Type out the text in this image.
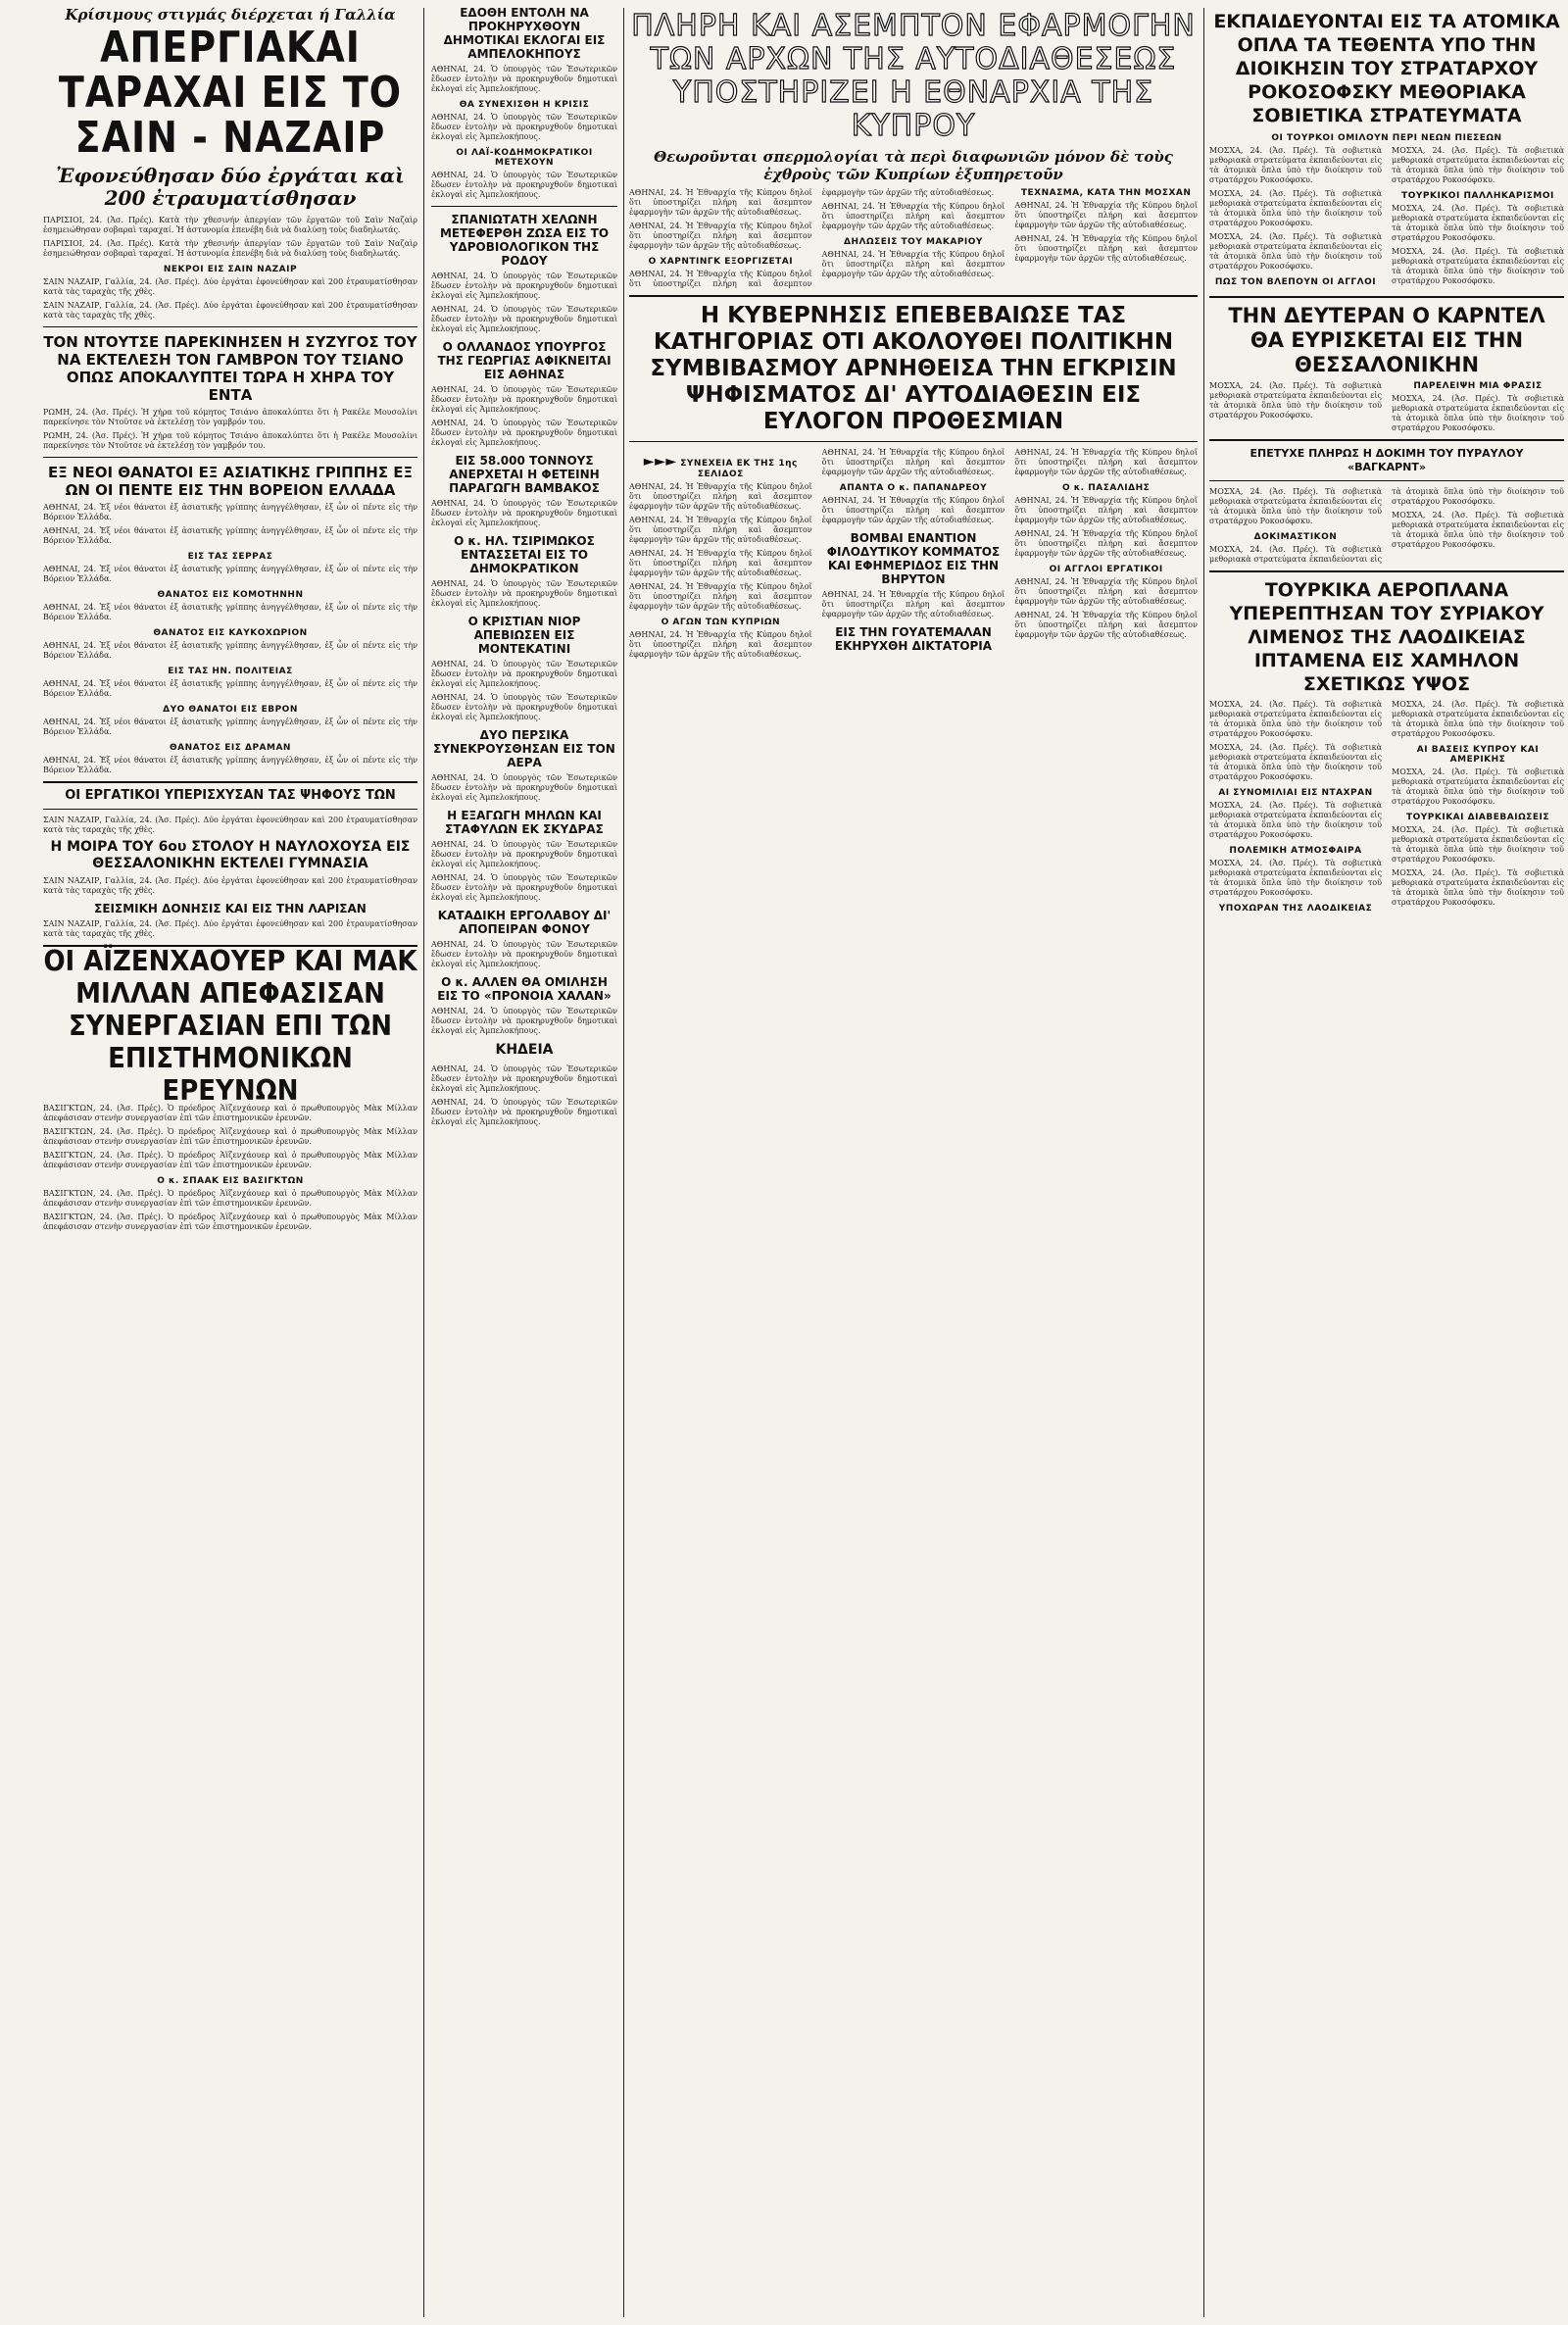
Κρίσιμους στιγμάς διέρχεται ή Γαλλία
ΑΠΕΡΓΙΑΚΑΙ ΤΑΡΑΧΑΙ ΕΙΣ ΤΟ ΣΑΙΝ - ΝΑΖΑΙΡ
Ἐφονεύθησαν δύο ἐργάται καὶ 200 ἐτραυματίσθησαν

ΠΑΡΙΣΙΟΙ, 24. (Ἀσ. Πρές). Κατὰ τὴν χθεσινήν ἀπεργίαν τῶν ἐργατῶν τοῦ Σαὶν Ναζαὶρ ἐσημειώθησαν σοβαραὶ ταραχαί. Ἡ ἀστυνομία ἐπενέβη διὰ νὰ διαλύσῃ τοὺς διαδηλωτάς.

ΠΑΡΙΣΙΟΙ, 24. (Ἀσ. Πρές). Κατὰ τὴν χθεσινήν ἀπεργίαν τῶν ἐργατῶν τοῦ Σαὶν Ναζαὶρ ἐσημειώθησαν σοβαραὶ ταραχαί. Ἡ ἀστυνομία ἐπενέβη διὰ νὰ διαλύσῃ τοὺς διαδηλωτάς.

ΝΕΚΡΟΙ ΕΙΣ ΣΑΙΝ ΝΑΖΑΙΡ

ΣΑΙΝ ΝΑΖΑΙΡ, Γαλλία, 24. (Ἀσ. Πρές). Δύο ἐργάται ἐφονεύθησαν καὶ 200 ἐτραυματίσθησαν κατὰ τὰς ταραχὰς τῆς χθὲς.

ΣΑΙΝ ΝΑΖΑΙΡ, Γαλλία, 24. (Ἀσ. Πρές). Δύο ἐργάται ἐφονεύθησαν καὶ 200 ἐτραυματίσθησαν κατὰ τὰς ταραχὰς τῆς χθὲς.

ΤΟΝ ΝΤΟΥΤΣΕ ΠΑΡΕΚΙΝΗΣΕΝ Η ΣΥΖΥΓΟΣ ΤΟΥ ΝΑ ΕΚΤΕΛΕΣΗ ΤΟΝ ΓΑΜΒΡΟΝ ΤΟΥ ΤΣΙΑΝΟ ΟΠΩΣ ΑΠΟΚΑΛΥΠΤΕΙ ΤΩΡΑ Η ΧΗΡΑ ΤΟΥ ΕΝΤΑ

ΡΩΜΗ, 24. (Ἀσ. Πρές). Ἡ χήρα τοῦ κόμητος Τσιάνο ἀποκαλύπτει ὅτι ἡ Ρακέλε Μουσολίνι παρεκίνησε τὸν Ντοῦτσε νὰ ἐκτελέσῃ τὸν γαμβρόν του.

ΡΩΜΗ, 24. (Ἀσ. Πρές). Ἡ χήρα τοῦ κόμητος Τσιάνο ἀποκαλύπτει ὅτι ἡ Ρακέλε Μουσολίνι παρεκίνησε τὸν Ντοῦτσε νὰ ἐκτελέσῃ τὸν γαμβρόν του.

ΕΞ ΝΕΟΙ ΘΑΝΑΤΟΙ ΕΞ ΑΣΙΑΤΙΚΗΣ ΓΡΙΠΠΗΣ ΕΞ ΩΝ ΟΙ ΠΕΝΤΕ ΕΙΣ ΤΗΝ ΒΟΡΕΙΟΝ ΕΛΛΑΔΑ

ΑΘΗΝΑΙ, 24. Ἐξ νέοι θάνατοι ἐξ ἀσιατικῆς γρίππης ἀνηγγέλθησαν, ἐξ ὧν οἱ πέντε εἰς τὴν Βόρειον Ἑλλάδα.

ΑΘΗΝΑΙ, 24. Ἐξ νέοι θάνατοι ἐξ ἀσιατικῆς γρίππης ἀνηγγέλθησαν, ἐξ ὧν οἱ πέντε εἰς τὴν Βόρειον Ἑλλάδα.

ΕΙΣ ΤΑΣ ΣΕΡΡΑΣ

ΑΘΗΝΑΙ, 24. Ἐξ νέοι θάνατοι ἐξ ἀσιατικῆς γρίππης ἀνηγγέλθησαν, ἐξ ὧν οἱ πέντε εἰς τὴν Βόρειον Ἑλλάδα.

ΘΑΝΑΤΟΣ ΕΙΣ ΚΟΜΟΤΗΝΗΝ

ΑΘΗΝΑΙ, 24. Ἐξ νέοι θάνατοι ἐξ ἀσιατικῆς γρίππης ἀνηγγέλθησαν, ἐξ ὧν οἱ πέντε εἰς τὴν Βόρειον Ἑλλάδα.

ΘΑΝΑΤΟΣ ΕΙΣ ΚΑΥΚΟΧΩΡΙΟΝ

ΑΘΗΝΑΙ, 24. Ἐξ νέοι θάνατοι ἐξ ἀσιατικῆς γρίππης ἀνηγγέλθησαν, ἐξ ὧν οἱ πέντε εἰς τὴν Βόρειον Ἑλλάδα.

ΕΙΣ ΤΑΣ ΗΝ. ΠΟΛΙΤΕΙΑΣ

ΑΘΗΝΑΙ, 24. Ἐξ νέοι θάνατοι ἐξ ἀσιατικῆς γρίππης ἀνηγγέλθησαν, ἐξ ὧν οἱ πέντε εἰς τὴν Βόρειον Ἑλλάδα.

ΔΥΟ ΘΑΝΑΤΟΙ ΕΙΣ ΕΒΡΟΝ

ΑΘΗΝΑΙ, 24. Ἐξ νέοι θάνατοι ἐξ ἀσιατικῆς γρίππης ἀνηγγέλθησαν, ἐξ ὧν οἱ πέντε εἰς τὴν Βόρειον Ἑλλάδα.

ΘΑΝΑΤΟΣ ΕΙΣ ΔΡΑΜΑΝ

ΑΘΗΝΑΙ, 24. Ἐξ νέοι θάνατοι ἐξ ἀσιατικῆς γρίππης ἀνηγγέλθησαν, ἐξ ὧν οἱ πέντε εἰς τὴν Βόρειον Ἑλλάδα.

ΟΙ ΕΡΓΑΤΙΚΟΙ ΥΠΕΡΙΣΧΥΣΑΝ ΤΑΣ ΨΗΦΟΥΣ ΤΩΝ

ΣΑΙΝ ΝΑΖΑΙΡ, Γαλλία, 24. (Ἀσ. Πρές). Δύο ἐργάται ἐφονεύθησαν καὶ 200 ἐτραυματίσθησαν κατὰ τὰς ταραχὰς τῆς χθὲς.

Η ΜΟΙΡΑ ΤΟΥ 6ου ΣΤΟΛΟΥ Η ΝΑΥΛΟΧΟΥΣΑ ΕΙΣ ΘΕΣΣΑΛΟΝΙΚΗΝ ΕΚΤΕΛΕΙ ΓΥΜΝΑΣΙΑ

ΣΑΙΝ ΝΑΖΑΙΡ, Γαλλία, 24. (Ἀσ. Πρές). Δύο ἐργάται ἐφονεύθησαν καὶ 200 ἐτραυματίσθησαν κατὰ τὰς ταραχὰς τῆς χθὲς.

ΣΕΙΣΜΙΚΗ ΔΟΝΗΣΙΣ ΚΑΙ ΕΙΣ ΤΗΝ ΛΑΡΙΣΑΝ

ΣΑΙΝ ΝΑΖΑΙΡ, Γαλλία, 24. (Ἀσ. Πρές). Δύο ἐργάται ἐφονεύθησαν καὶ 200 ἐτραυματίσθησαν κατὰ τὰς ταραχὰς τῆς χθὲς.

ΟΙ ΑΪΖΕΝΧΑΟΥΕΡ ΚΑΙ ΜΑΚ ΜΙΛΛΑΝ ΑΠΕΦΑΣΙΣΑΝ ΣΥΝΕΡΓΑΣΙΑΝ ΕΠΙ ΤΩΝ ΕΠΙΣΤΗΜΟΝΙΚΩΝ ΕΡΕΥΝΩΝ

ΒΑΣΙΓΚΤΩΝ, 24. (Ἀσ. Πρές). Ὁ πρόεδρος Ἀϊζενχάουερ καὶ ὁ πρωθυπουργὸς Μὰκ Μίλλαν ἀπεφάσισαν στενὴν συνεργασίαν ἐπὶ τῶν ἐπιστημονικῶν ἐρευνῶν.

ΒΑΣΙΓΚΤΩΝ, 24. (Ἀσ. Πρές). Ὁ πρόεδρος Ἀϊζενχάουερ καὶ ὁ πρωθυπουργὸς Μὰκ Μίλλαν ἀπεφάσισαν στενὴν συνεργασίαν ἐπὶ τῶν ἐπιστημονικῶν ἐρευνῶν.

ΒΑΣΙΓΚΤΩΝ, 24. (Ἀσ. Πρές). Ὁ πρόεδρος Ἀϊζενχάουερ καὶ ὁ πρωθυπουργὸς Μὰκ Μίλλαν ἀπεφάσισαν στενὴν συνεργασίαν ἐπὶ τῶν ἐπιστημονικῶν ἐρευνῶν.

Ο κ. ΣΠΑΑΚ ΕΙΣ ΒΑΣΙΓΚΤΩΝ

ΒΑΣΙΓΚΤΩΝ, 24. (Ἀσ. Πρές). Ὁ πρόεδρος Ἀϊζενχάουερ καὶ ὁ πρωθυπουργὸς Μὰκ Μίλλαν ἀπεφάσισαν στενὴν συνεργασίαν ἐπὶ τῶν ἐπιστημονικῶν ἐρευνῶν.

ΒΑΣΙΓΚΤΩΝ, 24. (Ἀσ. Πρές). Ὁ πρόεδρος Ἀϊζενχάουερ καὶ ὁ πρωθυπουργὸς Μὰκ Μίλλαν ἀπεφάσισαν στενὴν συνεργασίαν ἐπὶ τῶν ἐπιστημονικῶν ἐρευνῶν.

ΕΔΟΘΗ ΕΝΤΟΛΗ ΝΑ ΠΡΟΚΗΡΥΧΘΟΥΝ ΔΗΜΟΤΙΚΑΙ ΕΚΛΟΓΑΙ ΕΙΣ ΑΜΠΕΛΟΚΗΠΟΥΣ

ΑΘΗΝΑΙ, 24. Ὁ ὑπουργὸς τῶν Ἐσωτερικῶν ἔδωσεν ἐντολὴν νὰ προκηρυχθοῦν δημοτικαὶ ἐκλογαὶ εἰς Ἀμπελοκήπους.

ΘΑ ΣΥΝΕΧΙΣΘΗ Η ΚΡΙΣΙΣ

ΑΘΗΝΑΙ, 24. Ὁ ὑπουργὸς τῶν Ἐσωτερικῶν ἔδωσεν ἐντολὴν νὰ προκηρυχθοῦν δημοτικαὶ ἐκλογαὶ εἰς Ἀμπελοκήπους.

ΟΙ ΛΑΪ-ΚΟΔΗΜΟΚΡΑΤΙΚΟΙ ΜΕΤΕΧΟΥΝ

ΑΘΗΝΑΙ, 24. Ὁ ὑπουργὸς τῶν Ἐσωτερικῶν ἔδωσεν ἐντολὴν νὰ προκηρυχθοῦν δημοτικαὶ ἐκλογαὶ εἰς Ἀμπελοκήπους.

ΣΠΑΝΙΩΤΑΤΗ ΧΕΛΩΝΗ ΜΕΤΕΦΕΡΘΗ ΖΩΣΑ ΕΙΣ ΤΟ ΥΔΡΟΒΙΟΛΟΓΙΚΟΝ ΤΗΣ ΡΟΔΟΥ

ΑΘΗΝΑΙ, 24. Ὁ ὑπουργὸς τῶν Ἐσωτερικῶν ἔδωσεν ἐντολὴν νὰ προκηρυχθοῦν δημοτικαὶ ἐκλογαὶ εἰς Ἀμπελοκήπους.

ΑΘΗΝΑΙ, 24. Ὁ ὑπουργὸς τῶν Ἐσωτερικῶν ἔδωσεν ἐντολὴν νὰ προκηρυχθοῦν δημοτικαὶ ἐκλογαὶ εἰς Ἀμπελοκήπους.

Ο ΟΛΛΑΝΔΟΣ ΥΠΟΥΡΓΟΣ ΤΗΣ ΓΕΩΡΓΙΑΣ ΑΦΙΚΝΕΙΤΑΙ ΕΙΣ ΑΘΗΝΑΣ

ΑΘΗΝΑΙ, 24. Ὁ ὑπουργὸς τῶν Ἐσωτερικῶν ἔδωσεν ἐντολὴν νὰ προκηρυχθοῦν δημοτικαὶ ἐκλογαὶ εἰς Ἀμπελοκήπους.

ΑΘΗΝΑΙ, 24. Ὁ ὑπουργὸς τῶν Ἐσωτερικῶν ἔδωσεν ἐντολὴν νὰ προκηρυχθοῦν δημοτικαὶ ἐκλογαὶ εἰς Ἀμπελοκήπους.

ΕΙΣ 58.000 ΤΟΝΝΟΥΣ ΑΝΕΡΧΕΤΑΙ Η ΦΕΤΕΙΝΗ ΠΑΡΑΓΩΓΗ ΒΑΜΒΑΚΟΣ

ΑΘΗΝΑΙ, 24. Ὁ ὑπουργὸς τῶν Ἐσωτερικῶν ἔδωσεν ἐντολὴν νὰ προκηρυχθοῦν δημοτικαὶ ἐκλογαὶ εἰς Ἀμπελοκήπους.

Ο κ. ΗΛ. ΤΣΙΡΙΜΩΚΟΣ ΕΝΤΑΣΣΕΤΑΙ ΕΙΣ ΤΟ ΔΗΜΟΚΡΑΤΙΚΟΝ

ΑΘΗΝΑΙ, 24. Ὁ ὑπουργὸς τῶν Ἐσωτερικῶν ἔδωσεν ἐντολὴν νὰ προκηρυχθοῦν δημοτικαὶ ἐκλογαὶ εἰς Ἀμπελοκήπους.

Ο ΚΡΙΣΤΙΑΝ ΝΙΟΡ ΑΠΕΒΙΩΣΕΝ ΕΙΣ ΜΟΝΤΕΚΑΤΙΝΙ

ΑΘΗΝΑΙ, 24. Ὁ ὑπουργὸς τῶν Ἐσωτερικῶν ἔδωσεν ἐντολὴν νὰ προκηρυχθοῦν δημοτικαὶ ἐκλογαὶ εἰς Ἀμπελοκήπους.

ΑΘΗΝΑΙ, 24. Ὁ ὑπουργὸς τῶν Ἐσωτερικῶν ἔδωσεν ἐντολὴν νὰ προκηρυχθοῦν δημοτικαὶ ἐκλογαὶ εἰς Ἀμπελοκήπους.

ΔΥΟ ΠΕΡΣΙΚΑ ΣΥΝΕΚΡΟΥΣΘΗΣΑΝ ΕΙΣ ΤΟΝ ΑΕΡΑ

ΑΘΗΝΑΙ, 24. Ὁ ὑπουργὸς τῶν Ἐσωτερικῶν ἔδωσεν ἐντολὴν νὰ προκηρυχθοῦν δημοτικαὶ ἐκλογαὶ εἰς Ἀμπελοκήπους.

Η ΕΞΑΓΩΓΗ ΜΗΛΩΝ ΚΑΙ ΣΤΑΦΥΛΩΝ ΕΚ ΣΚΥΔΡΑΣ

ΑΘΗΝΑΙ, 24. Ὁ ὑπουργὸς τῶν Ἐσωτερικῶν ἔδωσεν ἐντολὴν νὰ προκηρυχθοῦν δημοτικαὶ ἐκλογαὶ εἰς Ἀμπελοκήπους.

ΑΘΗΝΑΙ, 24. Ὁ ὑπουργὸς τῶν Ἐσωτερικῶν ἔδωσεν ἐντολὴν νὰ προκηρυχθοῦν δημοτικαὶ ἐκλογαὶ εἰς Ἀμπελοκήπους.

ΚΑΤΑΔΙΚΗ ΕΡΓΟΛΑΒΟΥ ΔΙ' ΑΠΟΠΕΙΡΑΝ ΦΟΝΟΥ

ΑΘΗΝΑΙ, 24. Ὁ ὑπουργὸς τῶν Ἐσωτερικῶν ἔδωσεν ἐντολὴν νὰ προκηρυχθοῦν δημοτικαὶ ἐκλογαὶ εἰς Ἀμπελοκήπους.

Ο κ. ΑΛΛΕΝ ΘΑ ΟΜΙΛΗΣΗ ΕΙΣ ΤΟ «ΠΡΟΝΟΙΑ ΧΑΛΑΝ»

ΑΘΗΝΑΙ, 24. Ὁ ὑπουργὸς τῶν Ἐσωτερικῶν ἔδωσεν ἐντολὴν νὰ προκηρυχθοῦν δημοτικαὶ ἐκλογαὶ εἰς Ἀμπελοκήπους.

ΚΗΔΕΙΑ

ΑΘΗΝΑΙ, 24. Ὁ ὑπουργὸς τῶν Ἐσωτερικῶν ἔδωσεν ἐντολὴν νὰ προκηρυχθοῦν δημοτικαὶ ἐκλογαὶ εἰς Ἀμπελοκήπους.

ΑΘΗΝΑΙ, 24. Ὁ ὑπουργὸς τῶν Ἐσωτερικῶν ἔδωσεν ἐντολὴν νὰ προκηρυχθοῦν δημοτικαὶ ἐκλογαὶ εἰς Ἀμπελοκήπους.

ΠΛΗΡΗ ΚΑΙ ΑΣΕΜΠΤΟΝ ΕΦΑΡΜΟΓΗΝ ΤΩΝ ΑΡΧΩΝ ΤΗΣ ΑΥΤΟΔΙΑΘΕΣΕΩΣ ΥΠΟΣΤΗΡΙΖΕΙ Η ΕΘΝΑΡΧΙΑ ΤΗΣ ΚΥΠΡΟΥ
Θεωροῦνται σπερμολογίαι τὰ περὶ διαφωνιῶν μόνον δὲ τοὺς ἐχθροὺς τῶν Κυπρίων ἐξυπηρετοῦν

ΑΘΗΝΑΙ, 24. Ἡ Ἐθναρχία τῆς Κύπρου δηλοῖ ὅτι ὑποστηρίζει πλήρη καὶ ἄσεμπτον ἐφαρμογὴν τῶν ἀρχῶν τῆς αὐτοδιαθέσεως.

ΑΘΗΝΑΙ, 24. Ἡ Ἐθναρχία τῆς Κύπρου δηλοῖ ὅτι ὑποστηρίζει πλήρη καὶ ἄσεμπτον ἐφαρμογὴν τῶν ἀρχῶν τῆς αὐτοδιαθέσεως.

Ο ΧΑΡΝΤΙΝΓΚ ΕΞΟΡΓΙΖΕΤΑΙ

ΑΘΗΝΑΙ, 24. Ἡ Ἐθναρχία τῆς Κύπρου δηλοῖ ὅτι ὑποστηρίζει πλήρη καὶ ἄσεμπτον ἐφαρμογὴν τῶν ἀρχῶν τῆς αὐτοδιαθέσεως.

ΑΘΗΝΑΙ, 24. Ἡ Ἐθναρχία τῆς Κύπρου δηλοῖ ὅτι ὑποστηρίζει πλήρη καὶ ἄσεμπτον ἐφαρμογὴν τῶν ἀρχῶν τῆς αὐτοδιαθέσεως.

ΔΗΛΩΣΕΙΣ ΤΟΥ ΜΑΚΑΡΙΟΥ

ΑΘΗΝΑΙ, 24. Ἡ Ἐθναρχία τῆς Κύπρου δηλοῖ ὅτι ὑποστηρίζει πλήρη καὶ ἄσεμπτον ἐφαρμογὴν τῶν ἀρχῶν τῆς αὐτοδιαθέσεως.

ΤΕΧΝΑΣΜΑ, ΚΑΤΑ ΤΗΝ ΜΟΣΧΑΝ

ΑΘΗΝΑΙ, 24. Ἡ Ἐθναρχία τῆς Κύπρου δηλοῖ ὅτι ὑποστηρίζει πλήρη καὶ ἄσεμπτον ἐφαρμογὴν τῶν ἀρχῶν τῆς αὐτοδιαθέσεως.

ΑΘΗΝΑΙ, 24. Ἡ Ἐθναρχία τῆς Κύπρου δηλοῖ ὅτι ὑποστηρίζει πλήρη καὶ ἄσεμπτον ἐφαρμογὴν τῶν ἀρχῶν τῆς αὐτοδιαθέσεως.

Η ΚΥΒΕΡΝΗΣΙΣ ΕΠΕΒΕΒΑΙΩΣΕ ΤΑΣ ΚΑΤΗΓΟΡΙΑΣ ΟΤΙ ΑΚΟΛΟΥΘΕΙ ΠΟΛΙΤΙΚΗΝ ΣΥΜΒΙΒΑΣΜΟΥ ΑΡΝΗΘΕΙΣΑ ΤΗΝ ΕΓΚΡΙΣΙΝ ΨΗΦΙΣΜΑΤΟΣ ΔΙ' ΑΥΤΟΔΙΑΘΕΣΙΝ ΕΙΣ ΕΥΛΟΓΟΝ ΠΡΟΘΕΣΜΙΑΝ
►►► ΣΥΝΕΧΕΙΑ ΕΚ ΤΗΣ 1ης ΣΕΛΙΔΟΣ

ΑΘΗΝΑΙ, 24. Ἡ Ἐθναρχία τῆς Κύπρου δηλοῖ ὅτι ὑποστηρίζει πλήρη καὶ ἄσεμπτον ἐφαρμογὴν τῶν ἀρχῶν τῆς αὐτοδιαθέσεως.

ΑΘΗΝΑΙ, 24. Ἡ Ἐθναρχία τῆς Κύπρου δηλοῖ ὅτι ὑποστηρίζει πλήρη καὶ ἄσεμπτον ἐφαρμογὴν τῶν ἀρχῶν τῆς αὐτοδιαθέσεως.

ΑΘΗΝΑΙ, 24. Ἡ Ἐθναρχία τῆς Κύπρου δηλοῖ ὅτι ὑποστηρίζει πλήρη καὶ ἄσεμπτον ἐφαρμογὴν τῶν ἀρχῶν τῆς αὐτοδιαθέσεως.

ΑΘΗΝΑΙ, 24. Ἡ Ἐθναρχία τῆς Κύπρου δηλοῖ ὅτι ὑποστηρίζει πλήρη καὶ ἄσεμπτον ἐφαρμογὴν τῶν ἀρχῶν τῆς αὐτοδιαθέσεως.

Ο ΑΓΩΝ ΤΩΝ ΚΥΠΡΙΩΝ

ΑΘΗΝΑΙ, 24. Ἡ Ἐθναρχία τῆς Κύπρου δηλοῖ ὅτι ὑποστηρίζει πλήρη καὶ ἄσεμπτον ἐφαρμογὴν τῶν ἀρχῶν τῆς αὐτοδιαθέσεως.

ΑΘΗΝΑΙ, 24. Ἡ Ἐθναρχία τῆς Κύπρου δηλοῖ ὅτι ὑποστηρίζει πλήρη καὶ ἄσεμπτον ἐφαρμογὴν τῶν ἀρχῶν τῆς αὐτοδιαθέσεως.

ΑΠΑΝΤΑ Ο κ. ΠΑΠΑΝΔΡΕΟΥ

ΑΘΗΝΑΙ, 24. Ἡ Ἐθναρχία τῆς Κύπρου δηλοῖ ὅτι ὑποστηρίζει πλήρη καὶ ἄσεμπτον ἐφαρμογὴν τῶν ἀρχῶν τῆς αὐτοδιαθέσεως.

ΒΟΜΒΑΙ ΕΝΑΝΤΙΟΝ ΦΙΛΟΔΥΤΙΚΟΥ ΚΟΜΜΑΤΟΣ ΚΑΙ ΕΦΗΜΕΡΙΔΟΣ ΕΙΣ ΤΗΝ ΒΗΡΥΤΟΝ

ΑΘΗΝΑΙ, 24. Ἡ Ἐθναρχία τῆς Κύπρου δηλοῖ ὅτι ὑποστηρίζει πλήρη καὶ ἄσεμπτον ἐφαρμογὴν τῶν ἀρχῶν τῆς αὐτοδιαθέσεως.

ΕΙΣ ΤΗΝ ΓΟΥΑΤΕΜΑΛΑΝ ΕΚΗΡΥΧΘΗ ΔΙΚΤΑΤΟΡΙΑ

ΑΘΗΝΑΙ, 24. Ἡ Ἐθναρχία τῆς Κύπρου δηλοῖ ὅτι ὑποστηρίζει πλήρη καὶ ἄσεμπτον ἐφαρμογὴν τῶν ἀρχῶν τῆς αὐτοδιαθέσεως.

Ο κ. ΠΑΣΑΛΙΔΗΣ

ΑΘΗΝΑΙ, 24. Ἡ Ἐθναρχία τῆς Κύπρου δηλοῖ ὅτι ὑποστηρίζει πλήρη καὶ ἄσεμπτον ἐφαρμογὴν τῶν ἀρχῶν τῆς αὐτοδιαθέσεως.

ΑΘΗΝΑΙ, 24. Ἡ Ἐθναρχία τῆς Κύπρου δηλοῖ ὅτι ὑποστηρίζει πλήρη καὶ ἄσεμπτον ἐφαρμογὴν τῶν ἀρχῶν τῆς αὐτοδιαθέσεως.

ΟΙ ΑΓΓΛΟΙ ΕΡΓΑΤΙΚΟΙ

ΑΘΗΝΑΙ, 24. Ἡ Ἐθναρχία τῆς Κύπρου δηλοῖ ὅτι ὑποστηρίζει πλήρη καὶ ἄσεμπτον ἐφαρμογὴν τῶν ἀρχῶν τῆς αὐτοδιαθέσεως.

ΑΘΗΝΑΙ, 24. Ἡ Ἐθναρχία τῆς Κύπρου δηλοῖ ὅτι ὑποστηρίζει πλήρη καὶ ἄσεμπτον ἐφαρμογὴν τῶν ἀρχῶν τῆς αὐτοδιαθέσεως.

ΕΚΠΑΙΔΕΥΟΝΤΑΙ ΕΙΣ ΤΑ ΑΤΟΜΙΚΑ ΟΠΛΑ ΤΑ ΤΕΘΕΝΤΑ ΥΠΟ ΤΗΝ ΔΙΟΙΚΗΣΙΝ ΤΟΥ ΣΤΡΑΤΑΡΧΟΥ ΡΟΚΟΣΟΦΣΚΥ ΜΕΘΟΡΙΑΚΑ ΣΟΒΙΕΤΙΚΑ ΣΤΡΑΤΕΥΜΑΤΑ
ΟΙ ΤΟΥΡΚΟΙ ΟΜΙΛΟΥΝ ΠΕΡΙ ΝΕΩΝ ΠΙΕΣΕΩΝ

ΜΟΣΧΑ, 24. (Ἀσ. Πρές). Τὰ σοβιετικὰ μεθοριακὰ στρατεύματα ἐκπαιδεύονται εἰς τὰ ἀτομικὰ ὅπλα ὑπὸ τὴν διοίκησιν τοῦ στρατάρχου Ροκοσόφσκυ.

ΜΟΣΧΑ, 24. (Ἀσ. Πρές). Τὰ σοβιετικὰ μεθοριακὰ στρατεύματα ἐκπαιδεύονται εἰς τὰ ἀτομικὰ ὅπλα ὑπὸ τὴν διοίκησιν τοῦ στρατάρχου Ροκοσόφσκυ.

ΜΟΣΧΑ, 24. (Ἀσ. Πρές). Τὰ σοβιετικὰ μεθοριακὰ στρατεύματα ἐκπαιδεύονται εἰς τὰ ἀτομικὰ ὅπλα ὑπὸ τὴν διοίκησιν τοῦ στρατάρχου Ροκοσόφσκυ.

ΠΩΣ ΤΟΝ ΒΛΕΠΟΥΝ ΟΙ ΑΓΓΛΟΙ

ΜΟΣΧΑ, 24. (Ἀσ. Πρές). Τὰ σοβιετικὰ μεθοριακὰ στρατεύματα ἐκπαιδεύονται εἰς τὰ ἀτομικὰ ὅπλα ὑπὸ τὴν διοίκησιν τοῦ στρατάρχου Ροκοσόφσκυ.

ΤΟΥΡΚΙΚΟΙ ΠΑΛΛΗΚΑΡΙΣΜΟΙ

ΜΟΣΧΑ, 24. (Ἀσ. Πρές). Τὰ σοβιετικὰ μεθοριακὰ στρατεύματα ἐκπαιδεύονται εἰς τὰ ἀτομικὰ ὅπλα ὑπὸ τὴν διοίκησιν τοῦ στρατάρχου Ροκοσόφσκυ.

ΜΟΣΧΑ, 24. (Ἀσ. Πρές). Τὰ σοβιετικὰ μεθοριακὰ στρατεύματα ἐκπαιδεύονται εἰς τὰ ἀτομικὰ ὅπλα ὑπὸ τὴν διοίκησιν τοῦ στρατάρχου Ροκοσόφσκυ.

ΤΗΝ ΔΕΥΤΕΡΑΝ Ο ΚΑΡΝΤΕΛ ΘΑ ΕΥΡΙΣΚΕΤΑΙ ΕΙΣ ΤΗΝ ΘΕΣΣΑΛΟΝΙΚΗΝ

ΜΟΣΧΑ, 24. (Ἀσ. Πρές). Τὰ σοβιετικὰ μεθοριακὰ στρατεύματα ἐκπαιδεύονται εἰς τὰ ἀτομικὰ ὅπλα ὑπὸ τὴν διοίκησιν τοῦ στρατάρχου Ροκοσόφσκυ.

ΠΑΡΕΛΕΙΨΗ ΜΙΑ ΦΡΑΣΙΣ

ΜΟΣΧΑ, 24. (Ἀσ. Πρές). Τὰ σοβιετικὰ μεθοριακὰ στρατεύματα ἐκπαιδεύονται εἰς τὰ ἀτομικὰ ὅπλα ὑπὸ τὴν διοίκησιν τοῦ στρατάρχου Ροκοσόφσκυ.

ΕΠΕΤΥΧΕ ΠΛΗΡΩΣ Η ΔΟΚΙΜΗ ΤΟΥ ΠΥΡΑΥΛΟΥ «ΒΑΓΚΑΡΝΤ»

ΜΟΣΧΑ, 24. (Ἀσ. Πρές). Τὰ σοβιετικὰ μεθοριακὰ στρατεύματα ἐκπαιδεύονται εἰς τὰ ἀτομικὰ ὅπλα ὑπὸ τὴν διοίκησιν τοῦ στρατάρχου Ροκοσόφσκυ.

ΔΟΚΙΜΑΣΤΙΚΟΝ

ΜΟΣΧΑ, 24. (Ἀσ. Πρές). Τὰ σοβιετικὰ μεθοριακὰ στρατεύματα ἐκπαιδεύονται εἰς τὰ ἀτομικὰ ὅπλα ὑπὸ τὴν διοίκησιν τοῦ στρατάρχου Ροκοσόφσκυ.

ΜΟΣΧΑ, 24. (Ἀσ. Πρές). Τὰ σοβιετικὰ μεθοριακὰ στρατεύματα ἐκπαιδεύονται εἰς τὰ ἀτομικὰ ὅπλα ὑπὸ τὴν διοίκησιν τοῦ στρατάρχου Ροκοσόφσκυ.

ΤΟΥΡΚΙΚΑ ΑΕΡΟΠΛΑΝΑ ΥΠΕΡΕΠΤΗΣΑΝ ΤΟΥ ΣΥΡΙΑΚΟΥ ΛΙΜΕΝΟΣ ΤΗΣ ΛΑΟΔΙΚΕΙΑΣ ΙΠΤΑΜΕΝΑ ΕΙΣ ΧΑΜΗΛΟΝ ΣΧΕΤΙΚΩΣ ΥΨΟΣ

ΜΟΣΧΑ, 24. (Ἀσ. Πρές). Τὰ σοβιετικὰ μεθοριακὰ στρατεύματα ἐκπαιδεύονται εἰς τὰ ἀτομικὰ ὅπλα ὑπὸ τὴν διοίκησιν τοῦ στρατάρχου Ροκοσόφσκυ.

ΜΟΣΧΑ, 24. (Ἀσ. Πρές). Τὰ σοβιετικὰ μεθοριακὰ στρατεύματα ἐκπαιδεύονται εἰς τὰ ἀτομικὰ ὅπλα ὑπὸ τὴν διοίκησιν τοῦ στρατάρχου Ροκοσόφσκυ.

ΑΙ ΣΥΝΟΜΙΛΙΑΙ ΕΙΣ ΝΤΑΧΡΑΝ

ΜΟΣΧΑ, 24. (Ἀσ. Πρές). Τὰ σοβιετικὰ μεθοριακὰ στρατεύματα ἐκπαιδεύονται εἰς τὰ ἀτομικὰ ὅπλα ὑπὸ τὴν διοίκησιν τοῦ στρατάρχου Ροκοσόφσκυ.

ΠΟΛΕΜΙΚΗ ΑΤΜΟΣΦΑΙΡΑ

ΜΟΣΧΑ, 24. (Ἀσ. Πρές). Τὰ σοβιετικὰ μεθοριακὰ στρατεύματα ἐκπαιδεύονται εἰς τὰ ἀτομικὰ ὅπλα ὑπὸ τὴν διοίκησιν τοῦ στρατάρχου Ροκοσόφσκυ.

ΥΠΟΧΩΡΑΝ ΤΗΣ ΛΑΟΔΙΚΕΙΑΣ

ΜΟΣΧΑ, 24. (Ἀσ. Πρές). Τὰ σοβιετικὰ μεθοριακὰ στρατεύματα ἐκπαιδεύονται εἰς τὰ ἀτομικὰ ὅπλα ὑπὸ τὴν διοίκησιν τοῦ στρατάρχου Ροκοσόφσκυ.

ΑΙ ΒΑΣΕΙΣ ΚΥΠΡΟΥ ΚΑΙ ΑΜΕΡΙΚΗΣ

ΜΟΣΧΑ, 24. (Ἀσ. Πρές). Τὰ σοβιετικὰ μεθοριακὰ στρατεύματα ἐκπαιδεύονται εἰς τὰ ἀτομικὰ ὅπλα ὑπὸ τὴν διοίκησιν τοῦ στρατάρχου Ροκοσόφσκυ.

ΤΟΥΡΚΙΚΑΙ ΔΙΑΒΕΒΑΙΩΣΕΙΣ

ΜΟΣΧΑ, 24. (Ἀσ. Πρές). Τὰ σοβιετικὰ μεθοριακὰ στρατεύματα ἐκπαιδεύονται εἰς τὰ ἀτομικὰ ὅπλα ὑπὸ τὴν διοίκησιν τοῦ στρατάρχου Ροκοσόφσκυ.

ΜΟΣΧΑ, 24. (Ἀσ. Πρές). Τὰ σοβιετικὰ μεθοριακὰ στρατεύματα ἐκπαιδεύονται εἰς τὰ ἀτομικὰ ὅπλα ὑπὸ τὴν διοίκησιν τοῦ στρατάρχου Ροκοσόφσκυ.
